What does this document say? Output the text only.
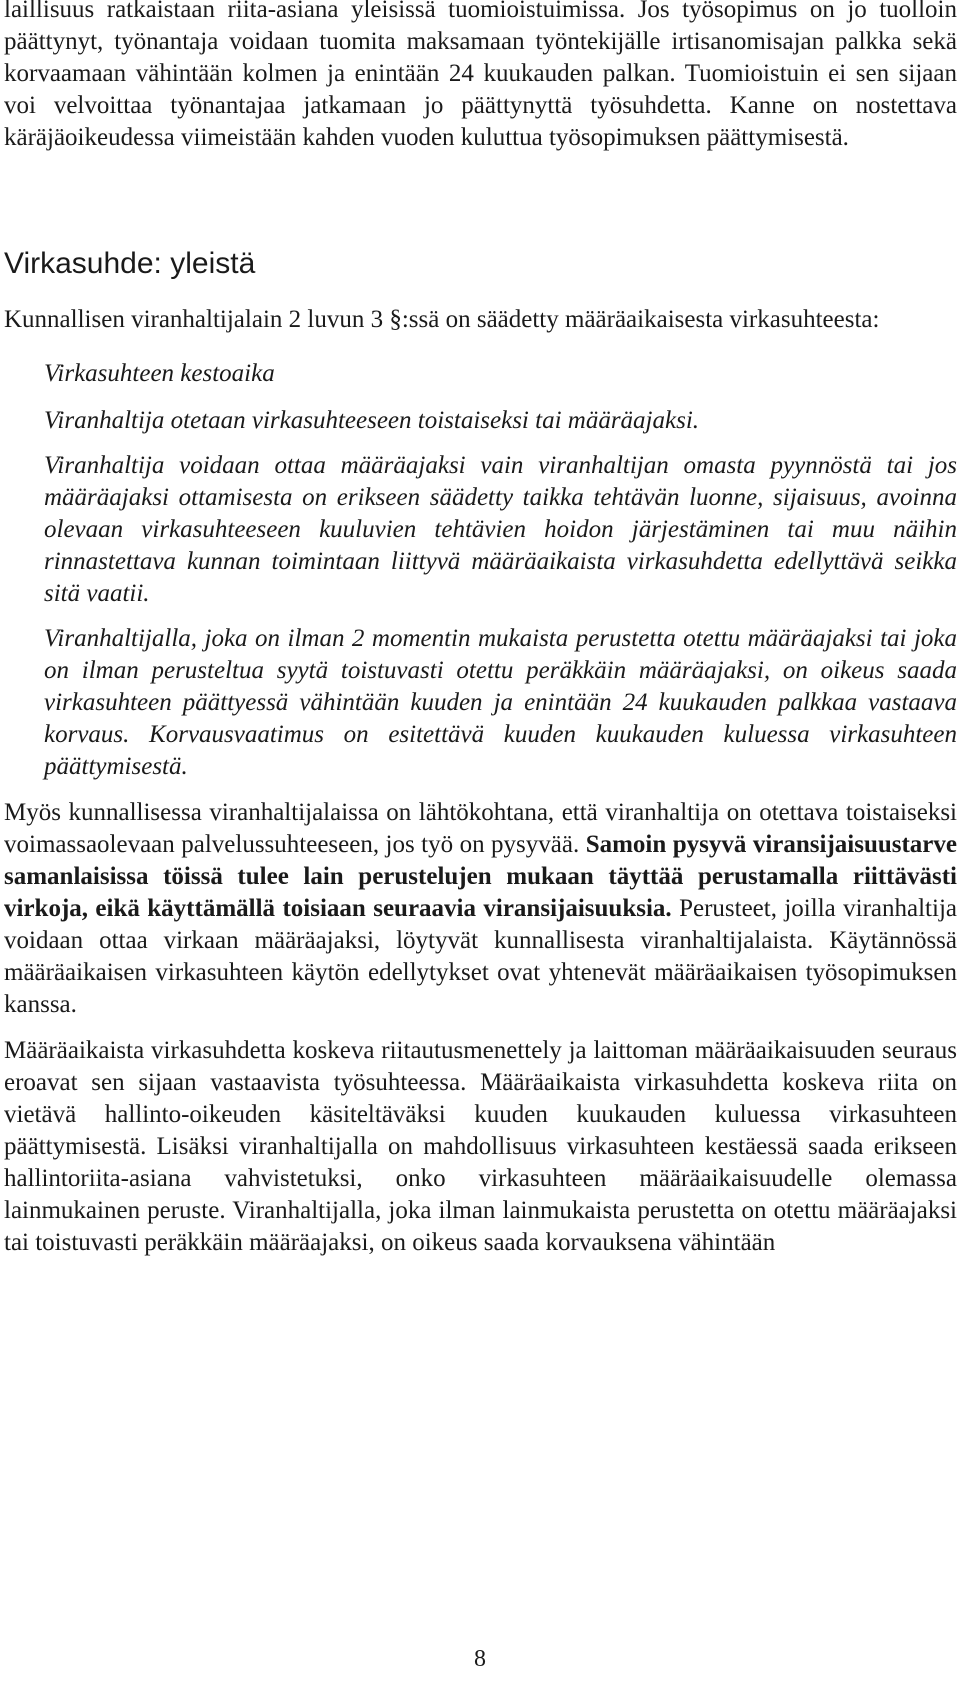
laillisuus ratkaistaan riita-asiana yleisissä tuomioistuimissa. Jos työsopimus on jo tuolloin päättynyt, työnantaja voidaan tuomita maksamaan työntekijälle irtisanomisajan palkka sekä korvaamaan vähintään kolmen ja enintään 24 kuukauden palkan. Tuomioistuin ei sen sijaan voi velvoittaa työnantajaa jatkamaan jo päättynyttä työsuhdetta. Kanne on nostettava käräjäoikeudessa viimeistään kahden vuoden kuluttua työsopimuksen päättymisestä.

Virkasuhde: yleistä

Kunnallisen viranhaltijalain 2 luvun 3 §:ssä on säädetty määräaikaisesta virkasuhteesta:

Virkasuhteen kestoaika

Viranhaltija otetaan virkasuhteeseen toistaiseksi tai määräajaksi.

Viranhaltija voidaan ottaa määräajaksi vain viranhaltijan omasta pyynnöstä tai jos määräajaksi ottamisesta on erikseen säädetty taikka tehtävän luonne, sijaisuus, avoinna olevaan virkasuhteeseen kuuluvien tehtävien hoidon järjestäminen tai muu näihin rinnastettava kunnan toimintaan liittyvä määräaikaista virkasuhdetta edellyttävä seikka sitä vaatii.

Viranhaltijalla, joka on ilman 2 momentin mukaista perustetta otettu määräajaksi tai joka on ilman perusteltua syytä toistuvasti otettu peräkkäin määräajaksi, on oikeus saada virkasuhteen päättyessä vähintään kuuden ja enintään 24 kuukauden palkkaa vastaava korvaus. Korvausvaatimus on esitettävä kuuden kuukauden kuluessa virkasuhteen päättymisestä.

Myös kunnallisessa viranhaltijalaissa on lähtökohtana, että viranhaltija on otettava toistaiseksi voimassaolevaan palvelussuhteeseen, jos työ on pysyvää. Samoin pysyvä viransijaisuustarve samanlaisissa töissä tulee lain perustelujen mukaan täyttää perustamalla riittävästi virkoja, eikä käyttämällä toisiaan seuraavia viransijaisuuksia. Perusteet, joilla viranhaltija voidaan ottaa virkaan määräajaksi, löytyvät kunnallisesta viranhaltijalaista. Käytännössä määräaikaisen virkasuhteen käytön edellytykset ovat yhtenevät määräaikaisen työsopimuksen kanssa.

Määräaikaista virkasuhdetta koskeva riitautusmenettely ja laittoman määräaikaisuuden seuraus eroavat sen sijaan vastaavista työsuhteessa. Määräaikaista virkasuhdetta koskeva riita on vietävä hallinto-oikeuden käsiteltäväksi kuuden kuukauden kuluessa virkasuhteen päättymisestä. Lisäksi viranhaltijalla on mahdollisuus virkasuhteen kestäessä saada erikseen hallintoriita-asiana vahvistetuksi, onko virkasuhteen määräaikaisuudelle olemassa lainmukainen peruste. Viranhaltijalla, joka ilman lainmukaista perustetta on otettu määräajaksi tai toistuvasti peräkkäin määräajaksi, on oikeus saada korvauksena vähintään

8
